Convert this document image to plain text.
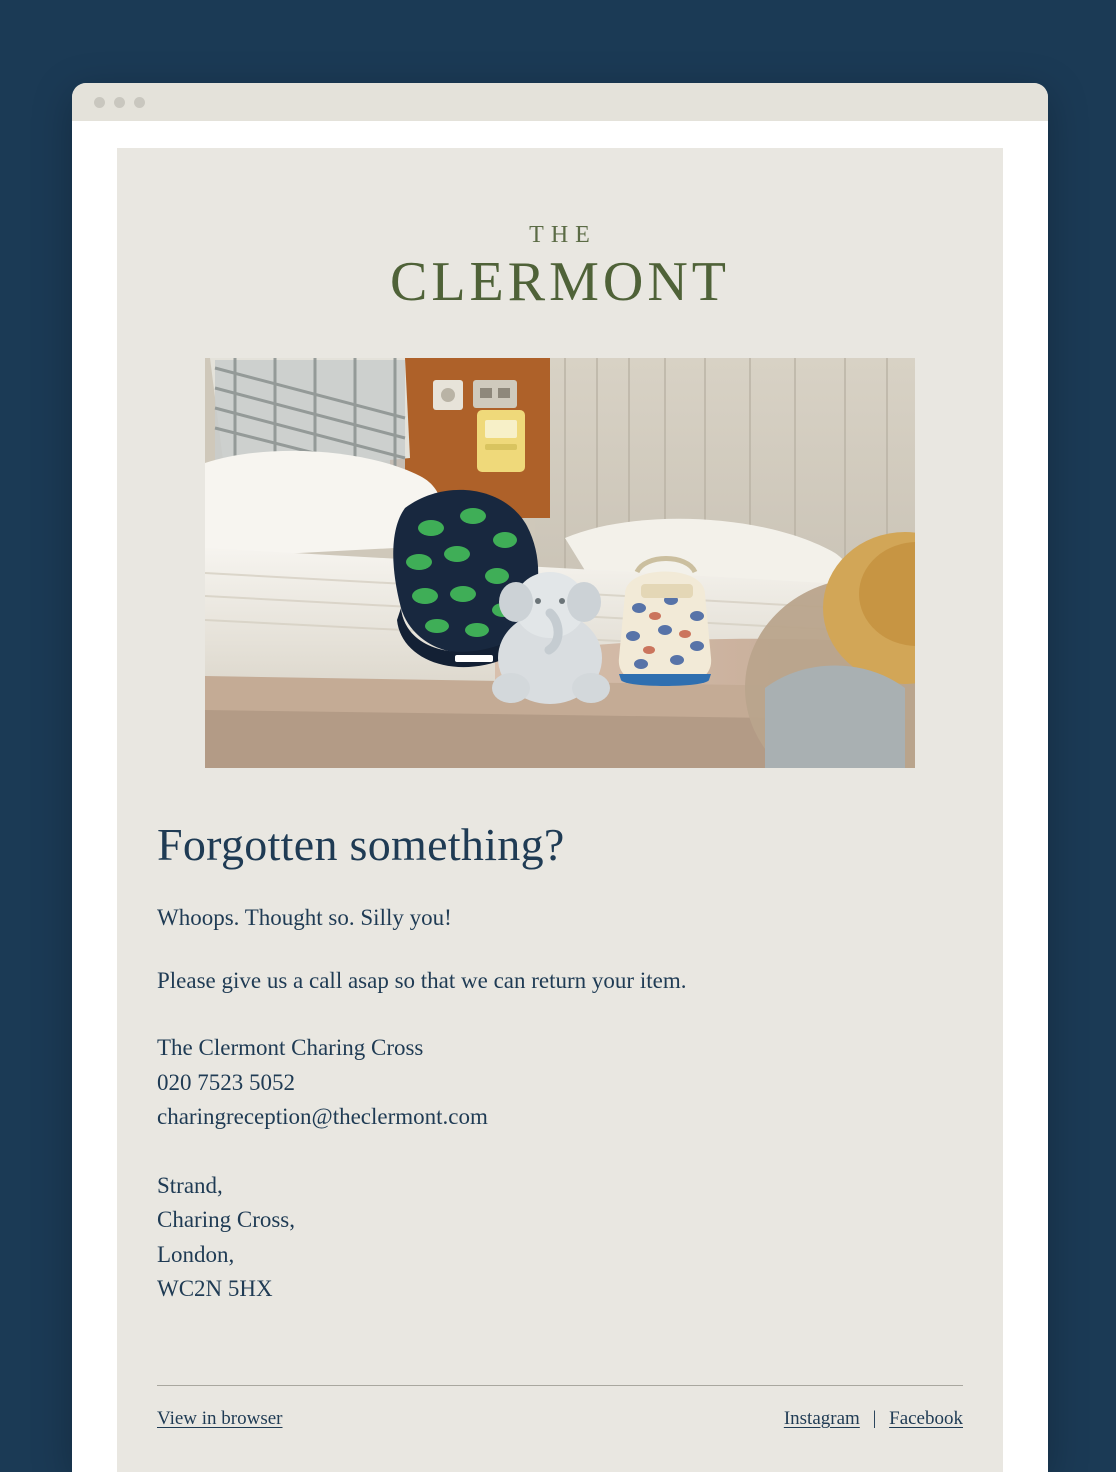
THE
CLERMONT
Forgotten something?

Whoops. Thought so. Silly you!

Please give us a call asap so that we can return your item.

The Clermont Charing Cross
020 7523 5052
charingreception@theclermont.com
Strand,
Charing Cross,
London,
WC2N 5HX
View in browser	Instagram | Facebook
